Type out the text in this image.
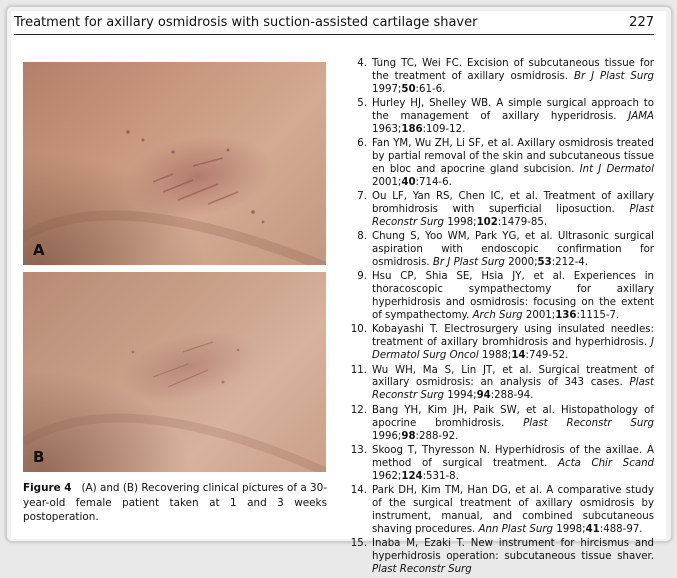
Treatment for axillary osmidrosis with suction-assisted cartilage shaver	227
A
B
Figure 4 (A) and (B) Recovering clinical pictures of a 30-year-old female patient taken at 1 and 3 weeks postoperation.
4. Tung TC, Wei FC. Excision of subcutaneous tissue for the treatment of axillary osmidrosis. Br J Plast Surg 1997;50:61-6.
5. Hurley HJ, Shelley WB. A simple surgical approach to the management of axillary hyperidrosis. JAMA 1963;186:109-12.
6. Fan YM, Wu ZH, Li SF, et al. Axillary osmidrosis treated by partial removal of the skin and subcutaneous tissue en bloc and apocrine gland subcision. Int J Dermatol 2001;40:714-6.
7. Ou LF, Yan RS, Chen IC, et al. Treatment of axillary bromhidrosis with superficial liposuction. Plast Reconstr Surg 1998;102:1479-85.
8. Chung S, Yoo WM, Park YG, et al. Ultrasonic surgical aspiration with endoscopic confirmation for osmidrosis. Br J Plast Surg 2000;53:212-4.
9. Hsu CP, Shia SE, Hsia JY, et al. Experiences in thoracoscopic sympathectomy for axillary hyperhidrosis and osmidrosis: focusing on the extent of sympathectomy. Arch Surg 2001;136:1115-7.
10. Kobayashi T. Electrosurgery using insulated needles: treatment of axillary bromhidrosis and hyperhidrosis. J Dermatol Surg Oncol 1988;14:749-52.
11. Wu WH, Ma S, Lin JT, et al. Surgical treatment of axillary osmidrosis: an analysis of 343 cases. Plast Reconstr Surg 1994;94:288-94.
12. Bang YH, Kim JH, Paik SW, et al. Histopathology of apocrine bromhidrosis. Plast Reconstr Surg 1996;98:288-92.
13. Skoog T, Thyresson N. Hyperhidrosis of the axillae. A method of surgical treatment. Acta Chir Scand 1962;124:531-8.
14. Park DH, Kim TM, Han DG, et al. A comparative study of the surgical treatment of axillary osmidrosis by instrument, manual, and combined subcutaneous shaving procedures. Ann Plast Surg 1998;41:488-97.
15. Inaba M, Ezaki T. New instrument for hircismus and hyperhidrosis operation: subcutaneous tissue shaver. Plast Reconstr Surg
